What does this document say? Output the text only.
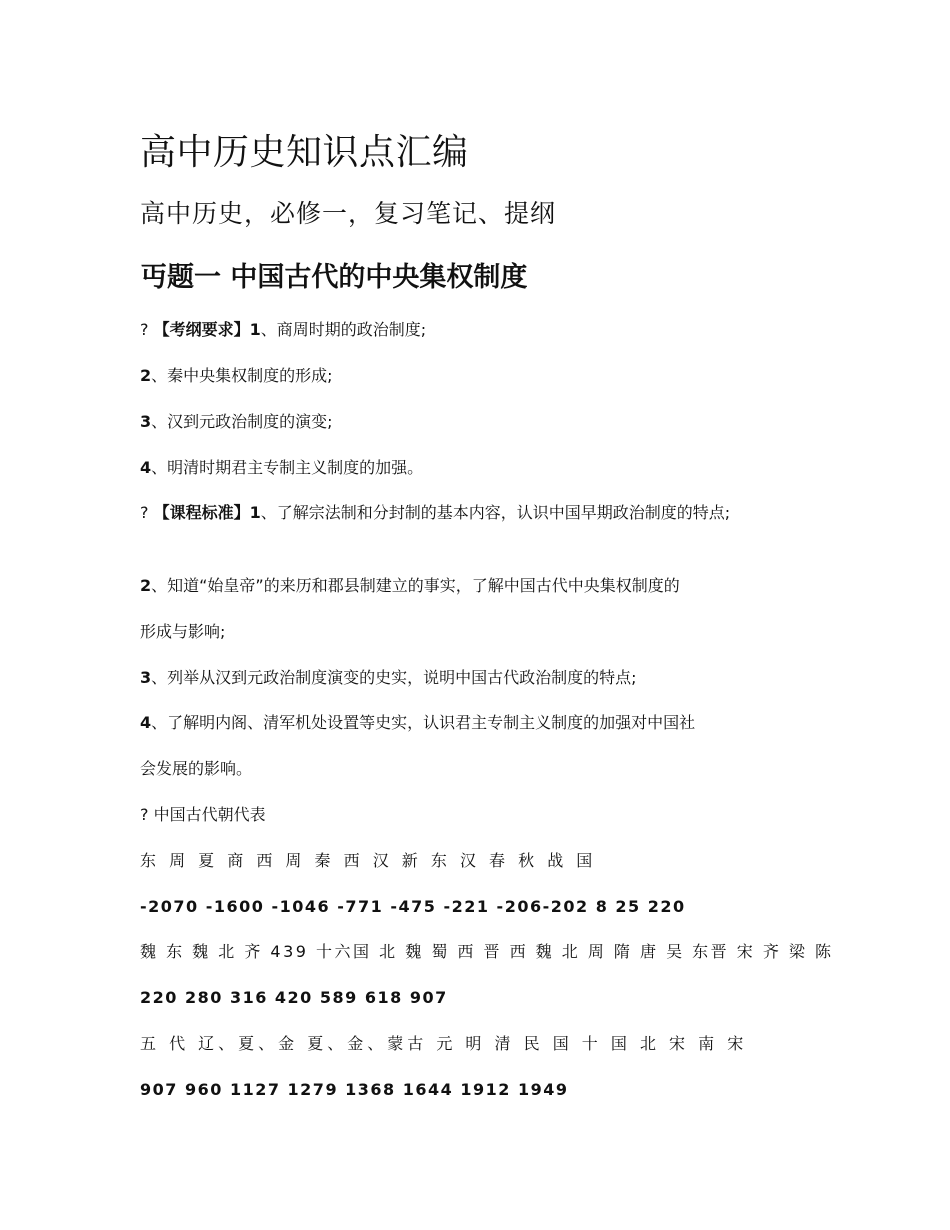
高中历史知识点汇编
高中历史，必修一，复习笔记、提纲
丏题一 中国古代的中央集权制度

? 【考纲要求】1、商周时期的政治制度;

2、秦中央集权制度的形成;

3、汉到元政治制度的演变;

4、明清时期君主专制主义制度的加强。

? 【课程标准】1、了解宗法制和分封制的基本内容，认识中国早期政治制度的特点;

2、知道“始皇帝”的来历和郡县制建立的事实，了解中国古代中央集权制度的

形成与影响;

3、列举从汉到元政治制度演变的史实，说明中国古代政治制度的特点;

4、了解明内阁、清军机处设置等史实，认识君主专制主义制度的加强对中国社

会发展的影响。

? 中国古代朝代表

东 周 夏 商 西 周 秦 西 汉 新 东 汉 春 秋 战 国

-2070 -1600 -1046 -771 -475 -221 -206-202 8 25 220

魏 东 魏 北 齐 439 十六国 北 魏 蜀 西 晋 西 魏 北 周 隋 唐 吴 东晋 宋 齐 梁 陈

220 280 316 420 589 618 907

五 代 辽、夏、金 夏、金、蒙古 元 明 清 民 国 十 国 北 宋 南 宋

907 960 1127 1279 1368 1644 1912 1949
